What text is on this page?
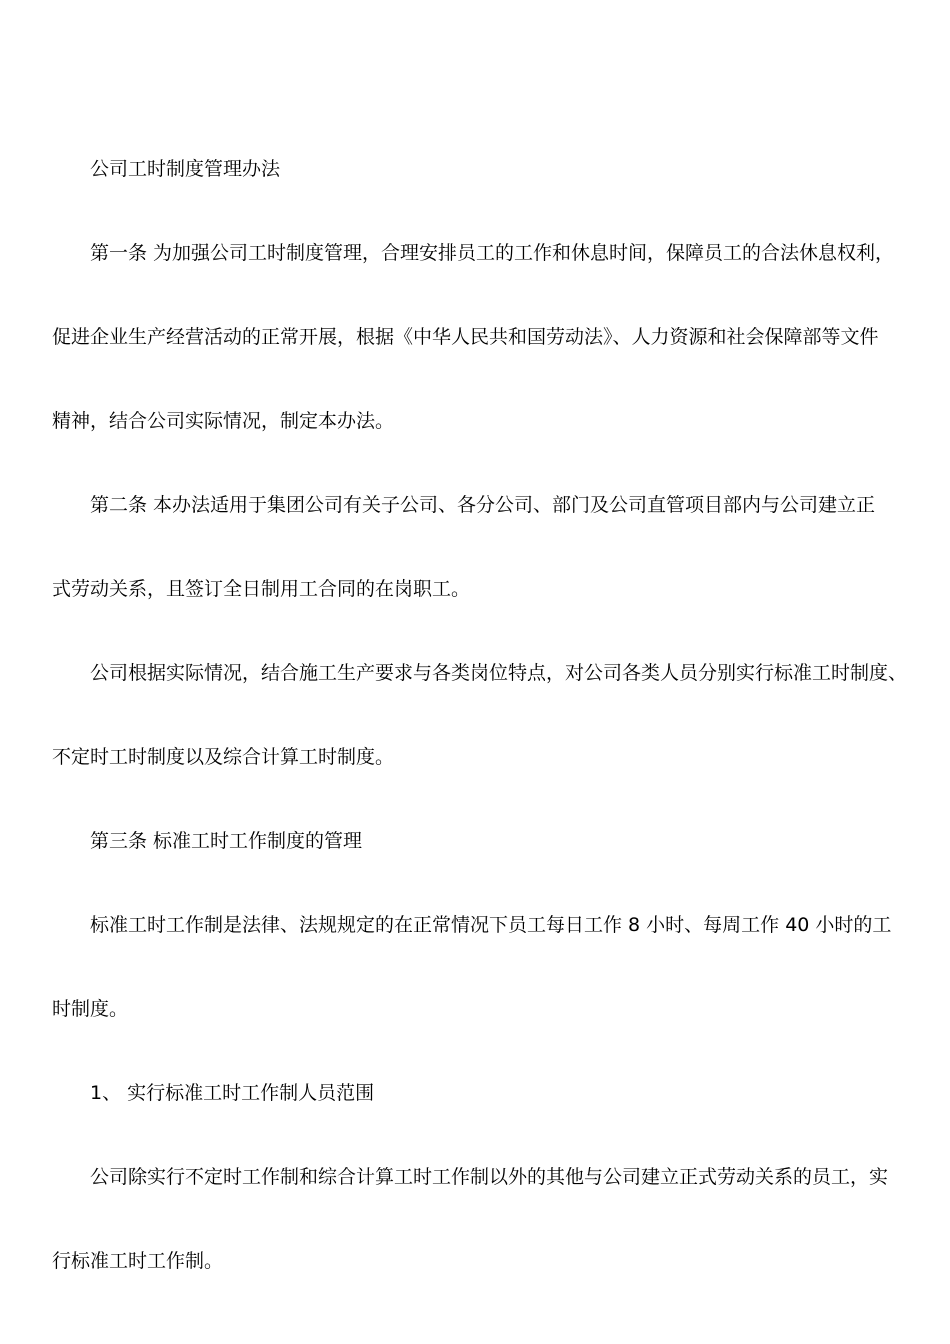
公司工时制度管理办法
第一条 为加强公司工时制度管理，合理安排员工的工作和休息时间，保障员工的合法休息权利，
促进企业生产经营活动的正常开展，根据《中华人民共和国劳动法》、人力资源和社会保障部等文件
精神，结合公司实际情况，制定本办法。
第二条 本办法适用于集团公司有关子公司、各分公司、部门及公司直管项目部内与公司建立正
式劳动关系，且签订全日制用工合同的在岗职工。
公司根据实际情况，结合施工生产要求与各类岗位特点，对公司各类人员分别实行标准工时制度、
不定时工时制度以及综合计算工时制度。
第三条 标准工时工作制度的管理
标准工时工作制是法律、法规规定的在正常情况下员工每日工作 8 小时、每周工作 40 小时的工
时制度。
1、 实行标准工时工作制人员范围
公司除实行不定时工作制和综合计算工时工作制以外的其他与公司建立正式劳动关系的员工，实
行标准工时工作制。
